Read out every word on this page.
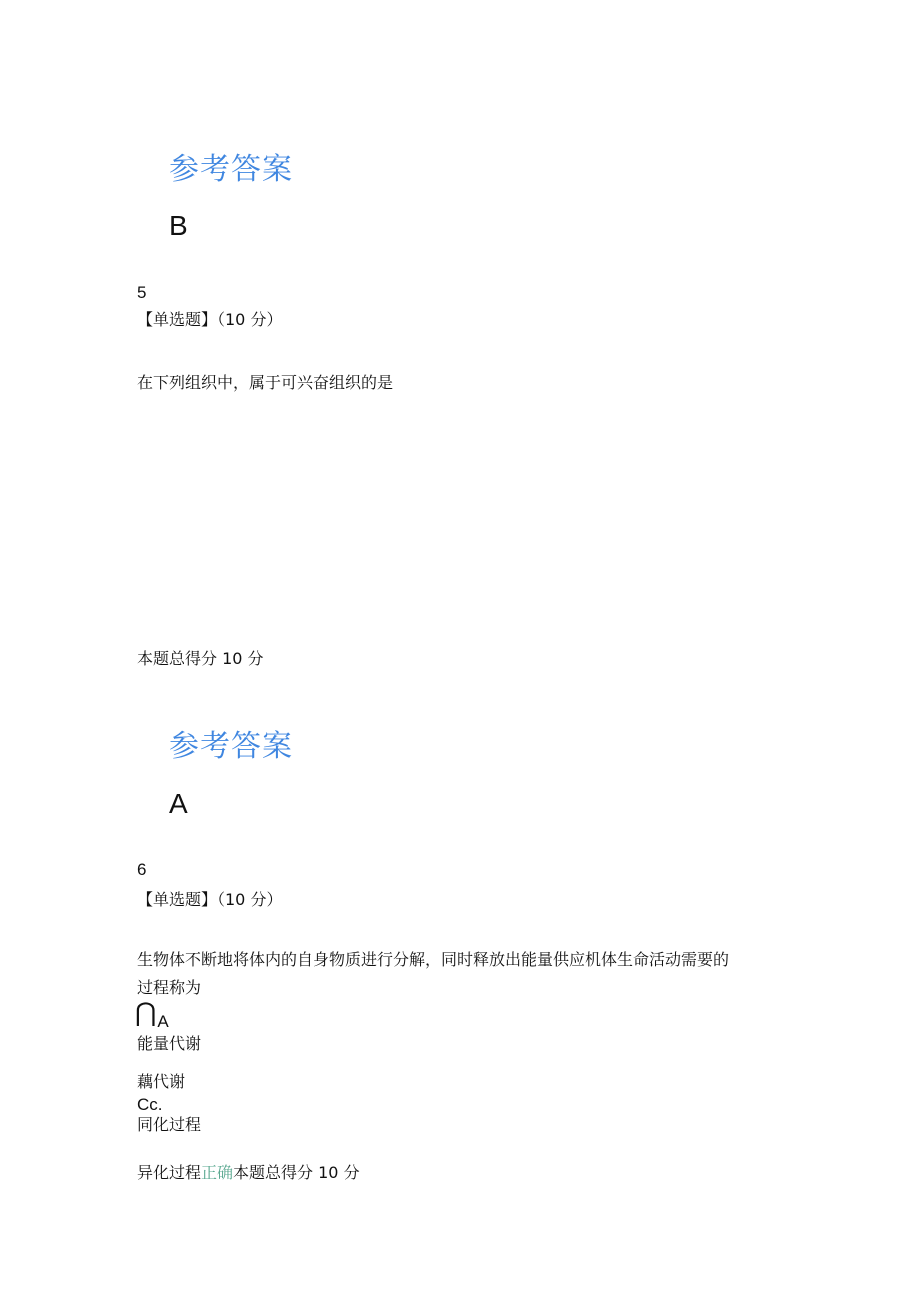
参考答案
B
5
【单选题】（10 分）
在下列组织中，属于可兴奋组织的是
本题总得分 10 分
参考答案
A
6
【单选题】（10 分）
生物体不断地将体内的自身物质进行分解，同时释放出能量供应机体生命活动需要的
过程称为
⋂A
能量代谢
藕代谢
Cc.
同化过程
异化过程正确本题总得分 10 分
